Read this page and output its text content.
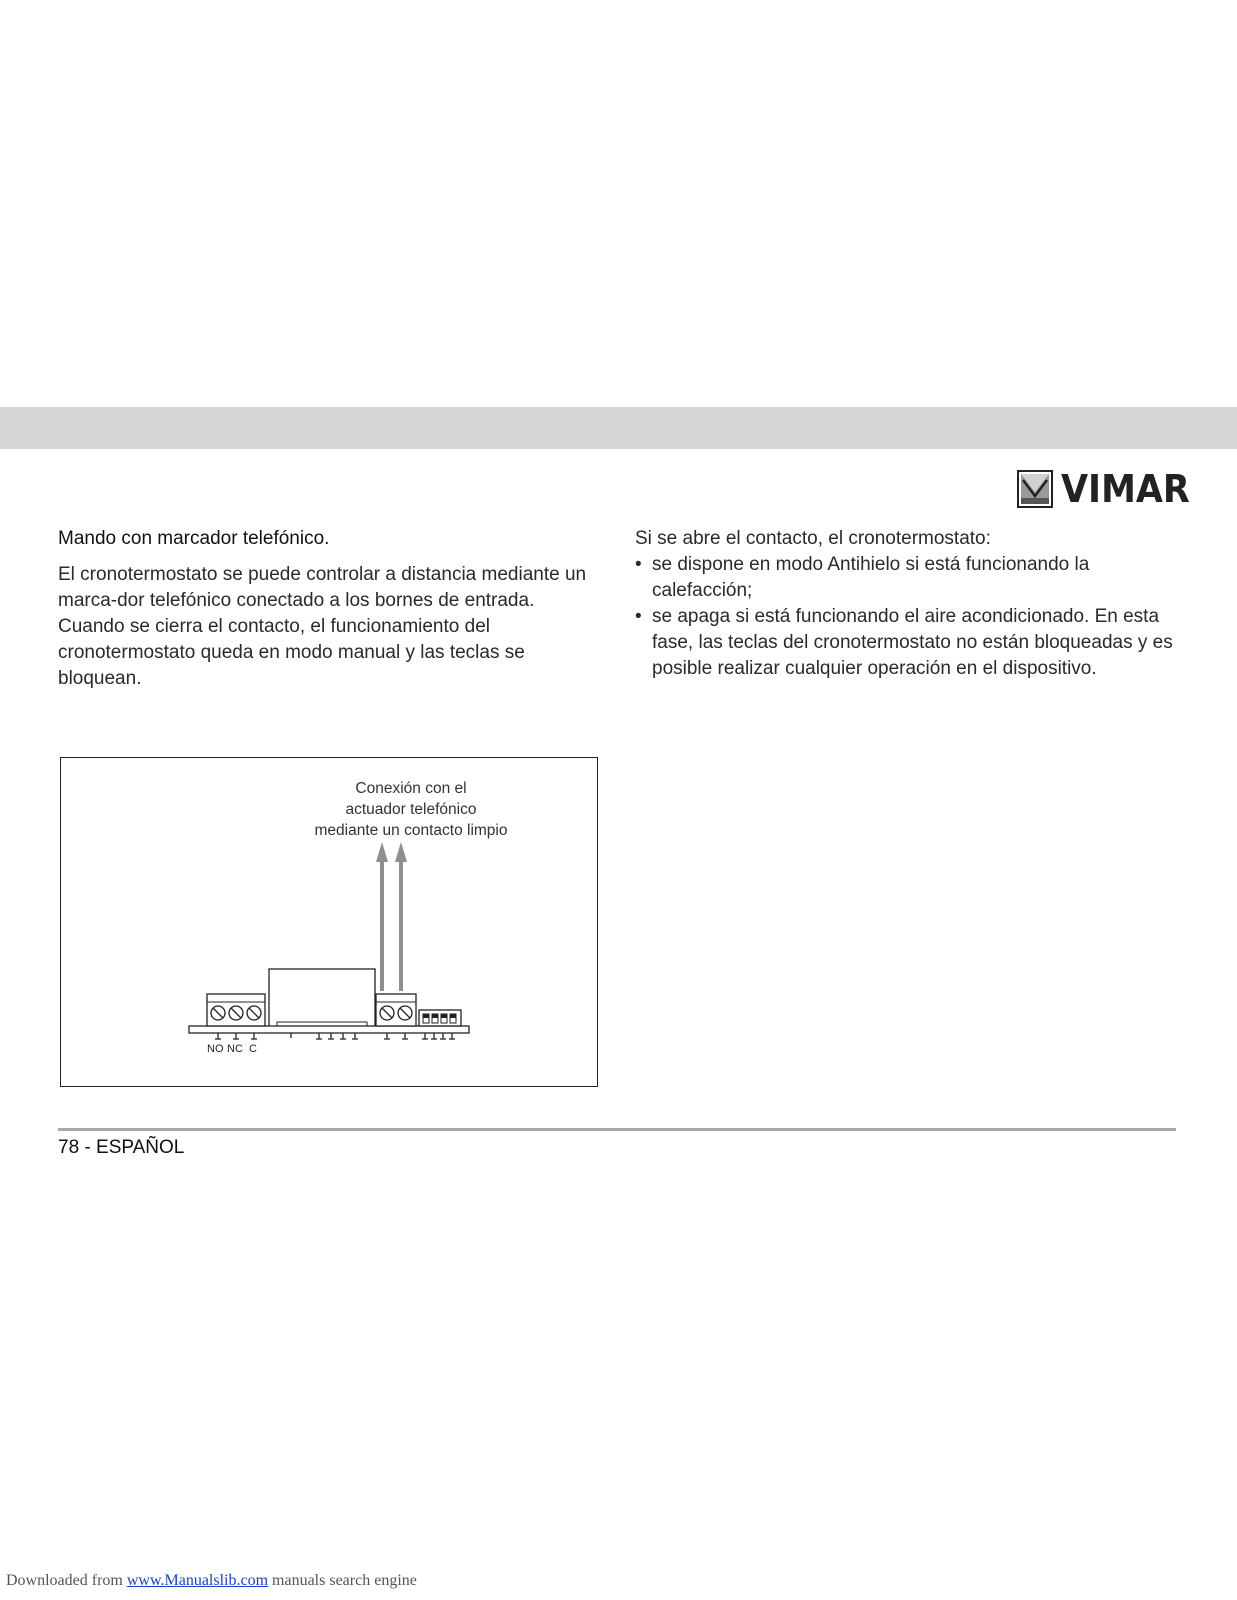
VIMAR

Mando con marcador telefónico.

El cronotermostato se puede controlar a distancia mediante un marca-dor telefónico conectado a los bornes de entrada.

Cuando se cierra el contacto, el funcionamiento del cronotermostato queda en modo manual y las teclas se bloquean.

Si se abre el contacto, el cronotermostato:

• se dispone en modo Antihielo si está funcionando la calefacción;
• se apaga si está funcionando el aire acondicionado. En esta fase, las teclas del cronotermostato no están bloqueadas y es posible realizar cualquier operación en el dispositivo.
Conexión con el
actuador telefónico
mediante un contacto limpio
NO NC C
78 - ESPAÑOL
Downloaded from www.Manualslib.com manuals search engine
